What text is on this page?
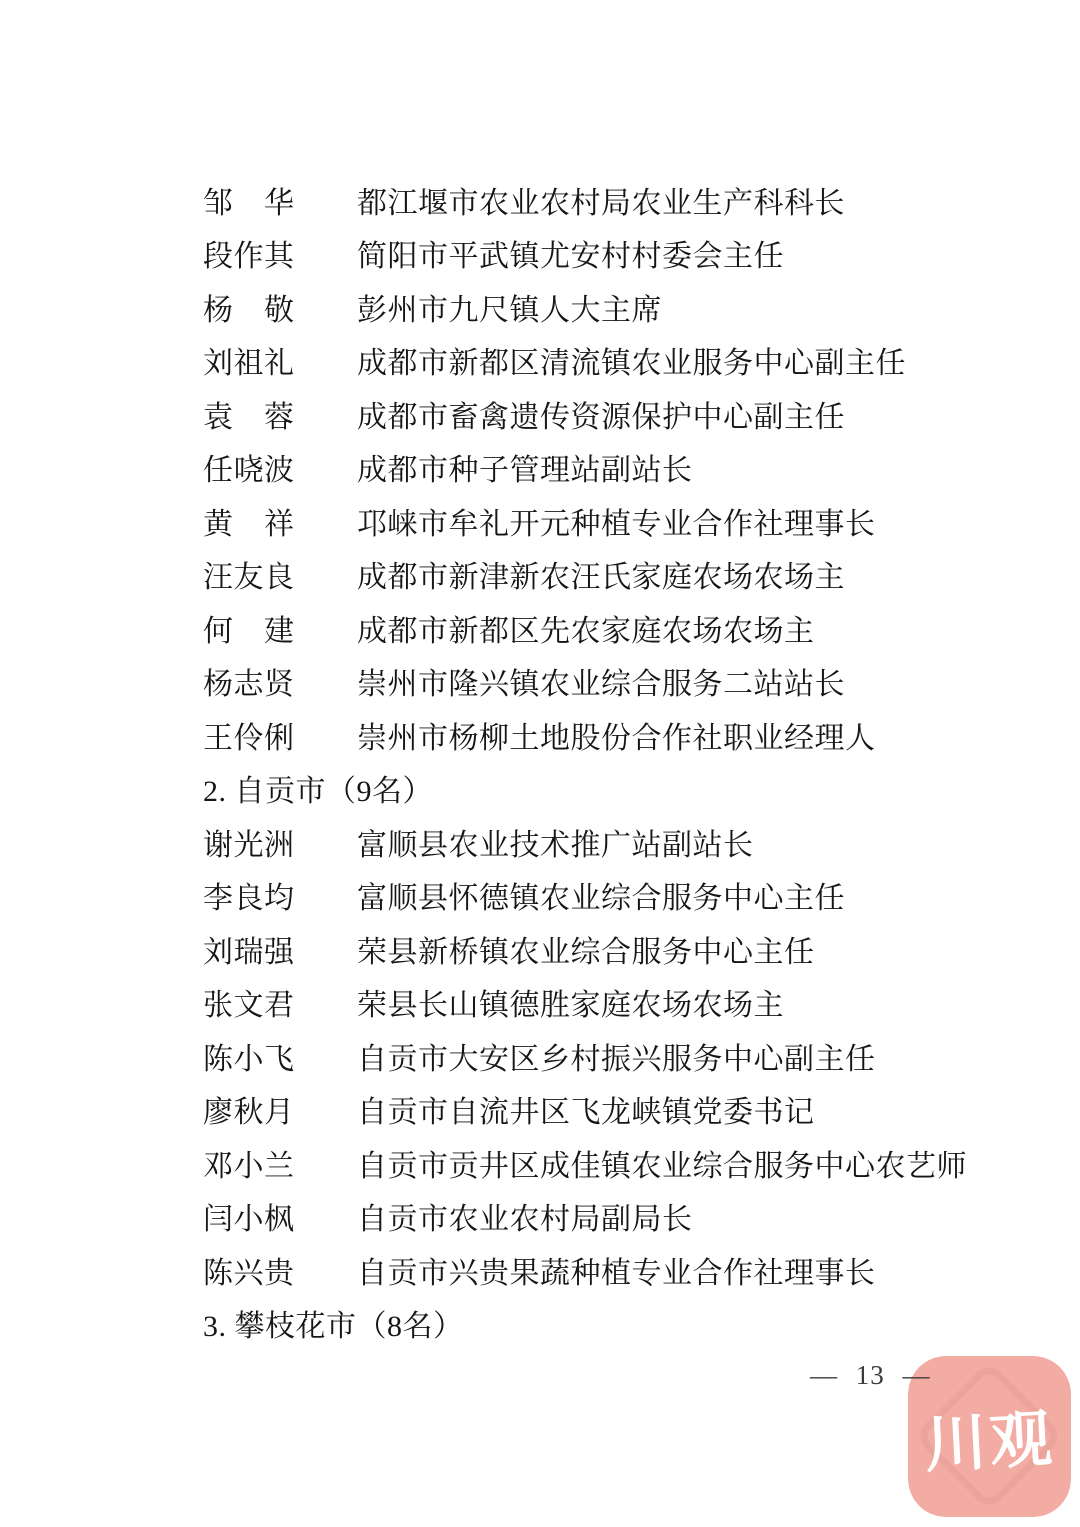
邹　华 都江堰市农业农村局农业生产科科长
段作其 简阳市平武镇尤安村村委会主任
杨　敬 彭州市九尺镇人大主席
刘祖礼 成都市新都区清流镇农业服务中心副主任
袁　蓉 成都市畜禽遗传资源保护中心副主任
任哓波 成都市种子管理站副站长
黄　祥 邛崃市牟礼开元种植专业合作社理事长
汪友良 成都市新津新农汪氏家庭农场农场主
何　建 成都市新都区先农家庭农场农场主
杨志贤 崇州市隆兴镇农业综合服务二站站长
王伶俐 崇州市杨柳土地股份合作社职业经理人
2. 自贡市（9名）
谢光洲 富顺县农业技术推广站副站长
李良均 富顺县怀德镇农业综合服务中心主任
刘瑞强 荣县新桥镇农业综合服务中心主任
张文君 荣县长山镇德胜家庭农场农场主
陈小飞 自贡市大安区乡村振兴服务中心副主任
廖秋月 自贡市自流井区飞龙峡镇党委书记
邓小兰 自贡市贡井区成佳镇农业综合服务中心农艺师
闫小枫 自贡市农业农村局副局长
陈兴贵 自贡市兴贵果蔬种植专业合作社理事长
3. 攀枝花市（8名）
— 13 —
川观
